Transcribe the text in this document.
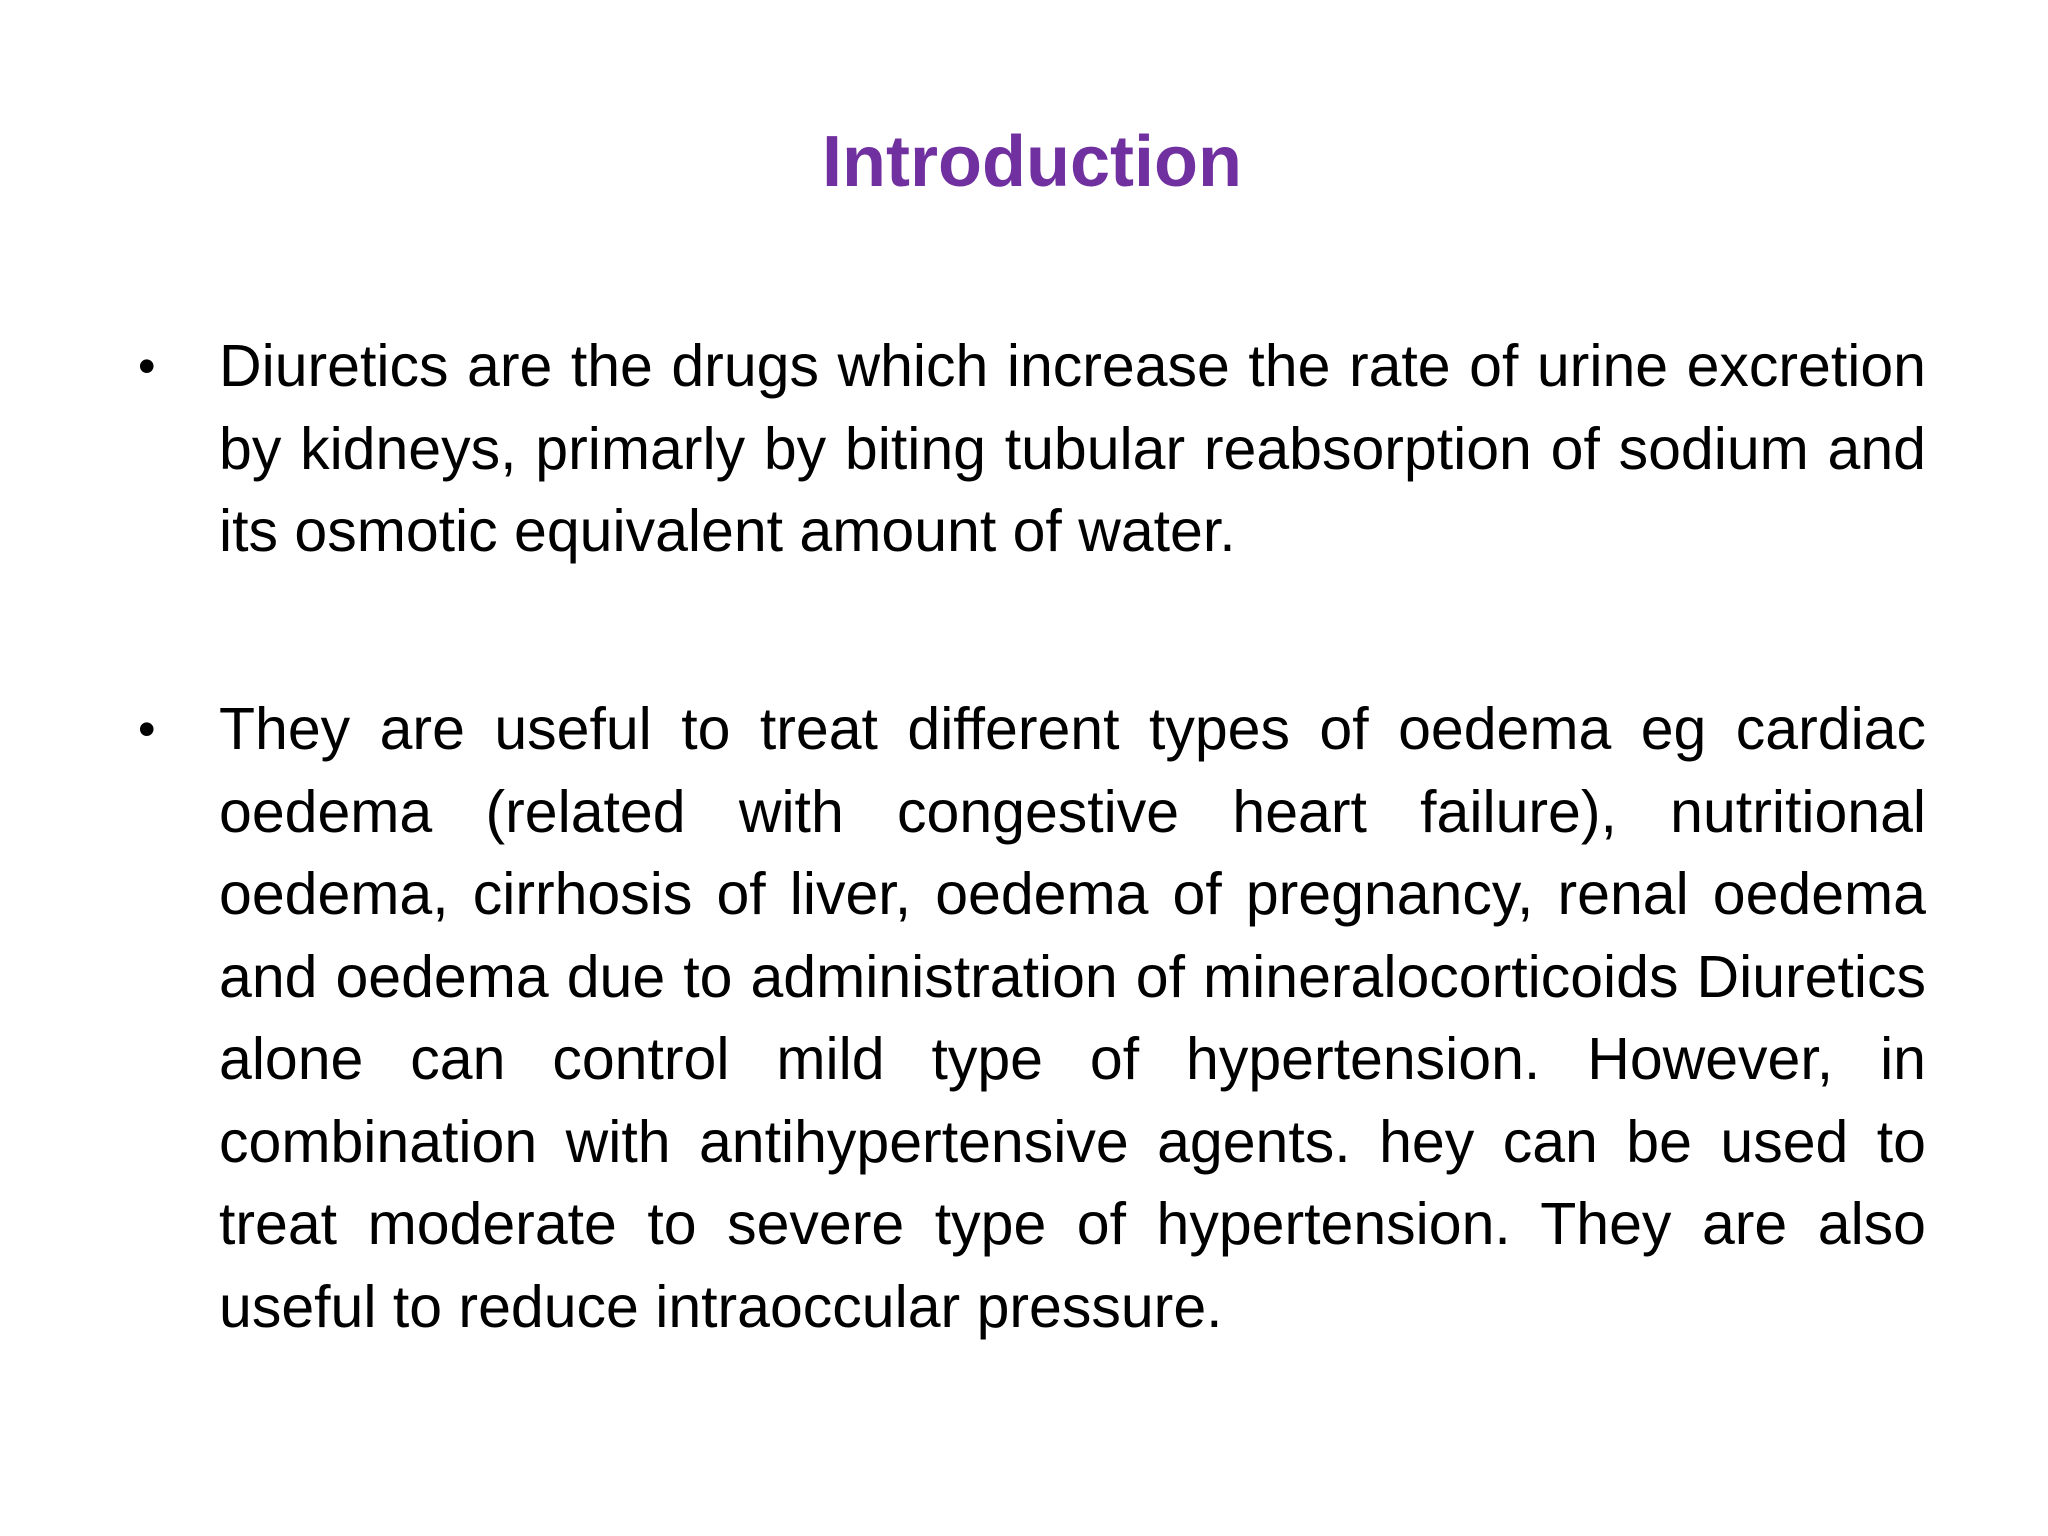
Introduction
•	Diuretics are the drugs which increase the rate of urine excretion by kidneys, primarly by biting tubular reabsorption of sodium and its osmotic equivalent amount of water.
•	They are useful to treat different types of oedema eg cardiac oedema (related with congestive heart failure), nutritional oedema, cirrhosis of liver, oedema of pregnancy, renal oedema and oedema due to administration of mineralocorticoids Diuretics alone can control mild type of hypertension. However, in combination with antihypertensive agents. hey can be used to treat moderate to severe type of hypertension. They are also useful to reduce intraoccular pressure.
